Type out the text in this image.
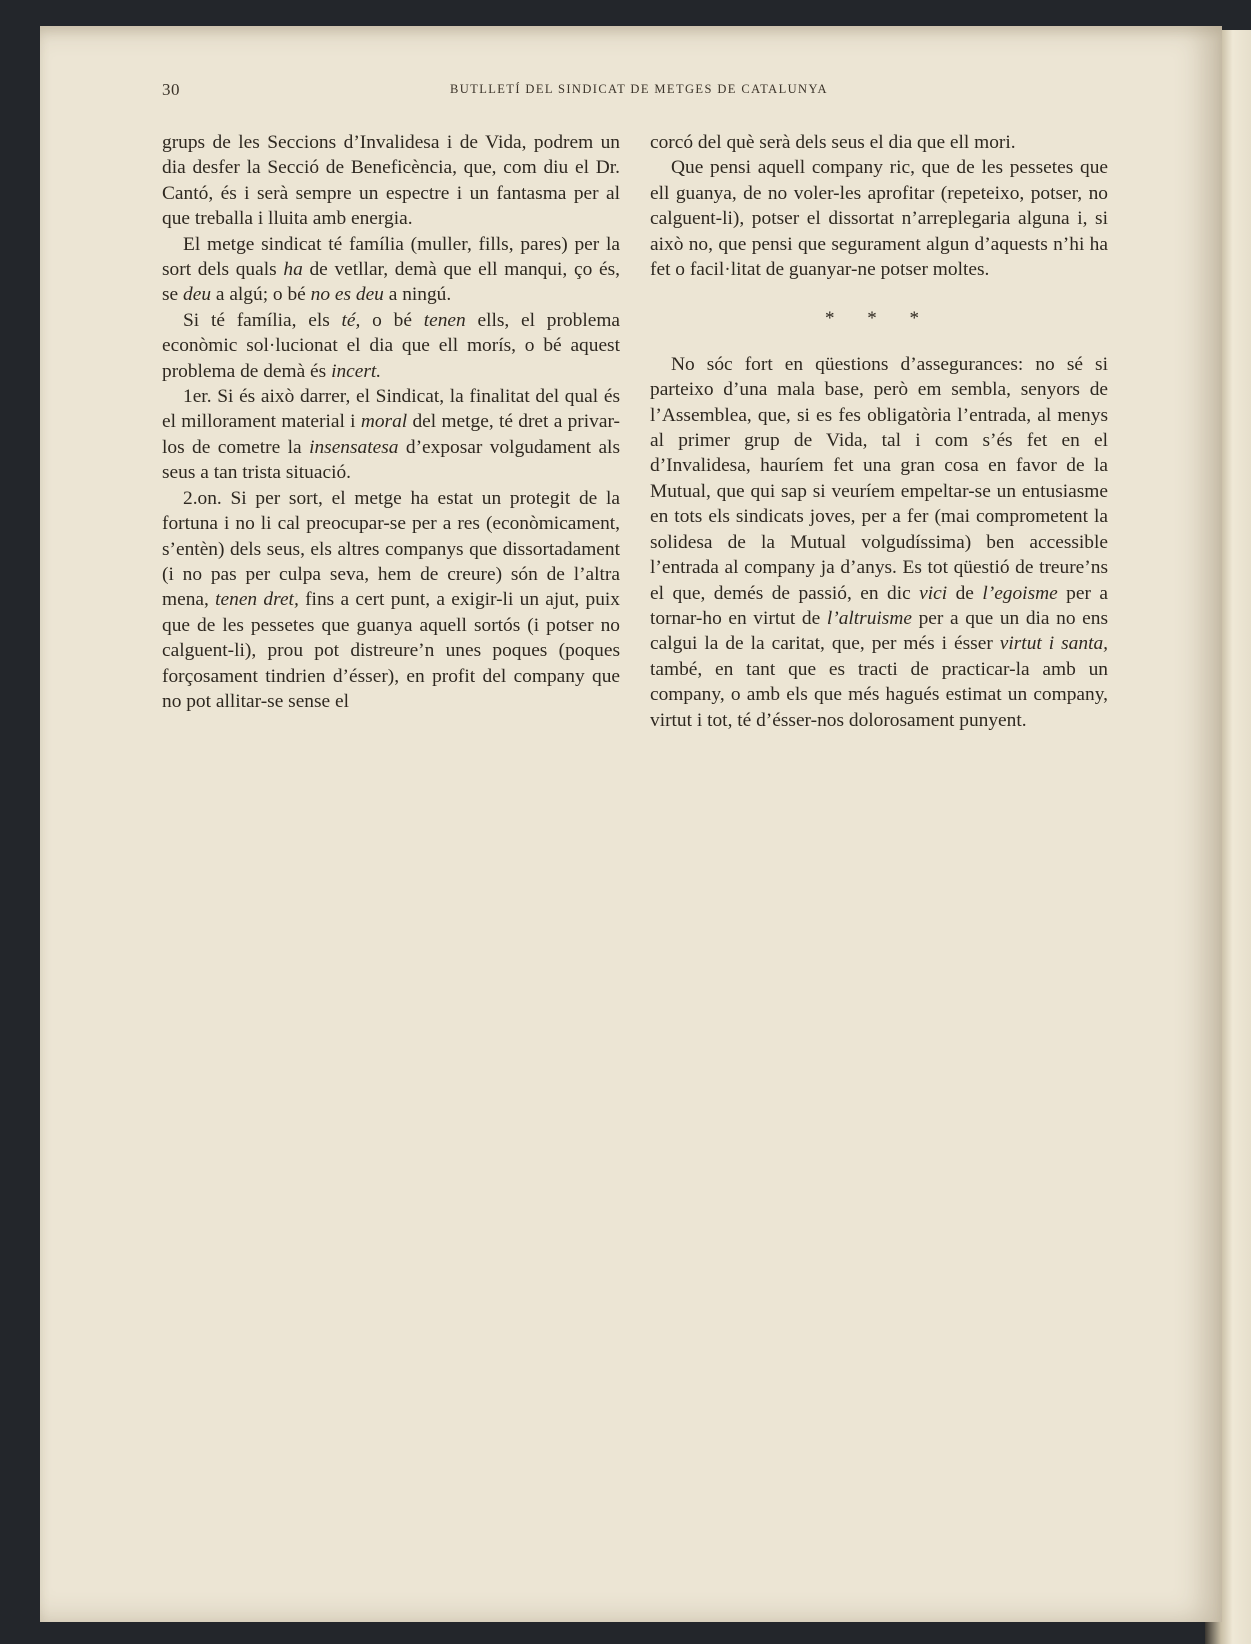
30	BUTLLETÍ DEL SINDICAT DE METGES DE CATALUNYA

grups de les Seccions d’Invalidesa i de Vida, podrem un dia desfer la Secció de Beneficència, que, com diu el Dr. Cantó, és i serà sempre un espectre i un fantasma per al que treballa i lluita amb energia.

El metge sindicat té família (muller, fills, pares) per la sort dels quals ha de vetllar, demà que ell manqui, ço és, se deu a algú; o bé no es deu a ningú.

Si té família, els té, o bé tenen ells, el problema econòmic sol·lucionat el dia que ell morís, o bé aquest problema de demà és incert.

1er. Si és això darrer, el Sindicat, la finalitat del qual és el millorament material i moral del metge, té dret a privar-los de cometre la insensatesa d’exposar volgudament als seus a tan trista situació.

2.on. Si per sort, el metge ha estat un protegit de la fortuna i no li cal preocupar-se per a res (econòmicament, s’entèn) dels seus, els altres companys que dissortadament (i no pas per culpa seva, hem de creure) són de l’altra mena, tenen dret, fins a cert punt, a exigir-li un ajut, puix que de les pessetes que guanya aquell sortós (i potser no calguent-li), prou pot distreure’n unes poques (poques forçosament tindrien d’ésser), en profit del company que no pot allitar-se sense el

corcó del què serà dels seus el dia que ell mori.

Que pensi aquell company ric, que de les pessetes que ell guanya, de no voler-les aprofitar (repeteixo, potser, no calguent-li), potser el dissortat n’arreplegaria alguna i, si això no, que pensi que segurament algun d’aquests n’hi ha fet o facil·litat de guanyar-ne potser moltes.

* * *

No sóc fort en qüestions d’assegurances: no sé si parteixo d’una mala base, però em sembla, senyors de l’Assemblea, que, si es fes obligatòria l’entrada, al menys al primer grup de Vida, tal i com s’és fet en el d’Invalidesa, hauríem fet una gran cosa en favor de la Mutual, que qui sap si veuríem empeltar-se un entusiasme en tots els sindicats joves, per a fer (mai comprometent la solidesa de la Mutual volgudíssima) ben accessible l’entrada al company ja d’anys. Es tot qüestió de treure’ns el que, demés de passió, en dic vici de l’egoisme per a tornar-ho en virtut de l’altruisme per a que un dia no ens calgui la de la caritat, que, per més i ésser virtut i santa, també, en tant que es tracti de practicar-la amb un company, o amb els que més hagués estimat un company, virtut i tot, té d’ésser-nos dolorosament punyent.
